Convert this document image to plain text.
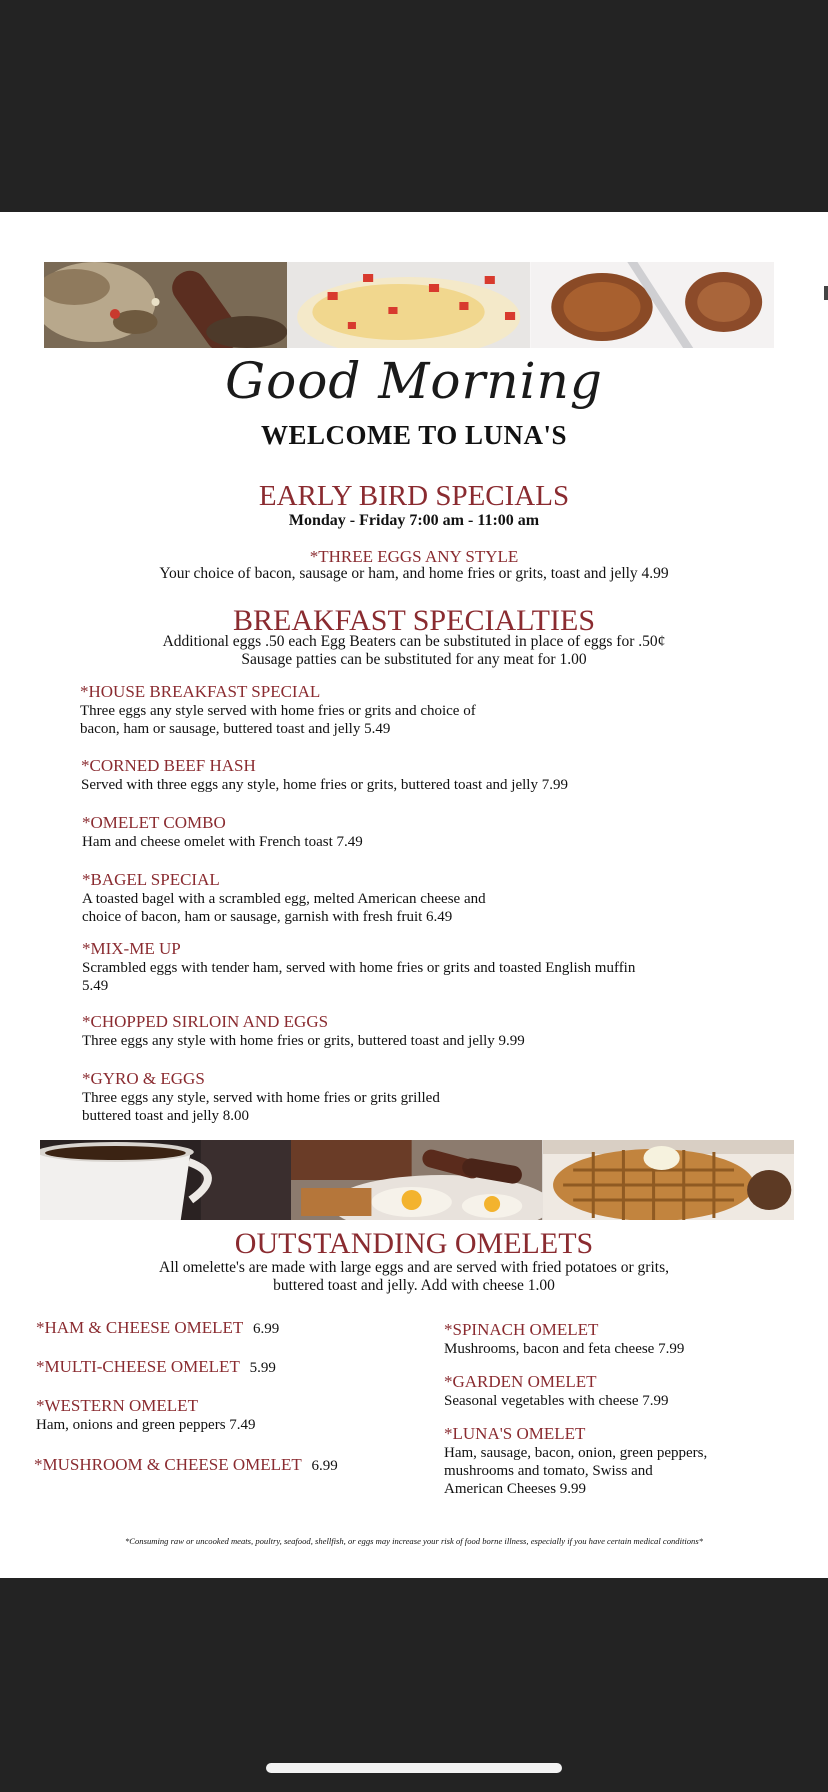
Good Morning
WELCOME TO LUNA'S
EARLY BIRD SPECIALS
Monday - Friday 7:00 am - 11:00 am
*THREE EGGS ANY STYLE
Your choice of bacon, sausage or ham, and home fries or grits, toast and jelly 4.99
BREAKFAST SPECIALTIES
Additional eggs .50 each Egg Beaters can be substituted in place of eggs for .50¢
Sausage patties can be substituted for any meat for 1.00
*HOUSE BREAKFAST SPECIAL
Three eggs any style served with home fries or grits and choice of
bacon, ham or sausage, buttered toast and jelly 5.49
*CORNED BEEF HASH
Served with three eggs any style, home fries or grits, buttered toast and jelly 7.99
*OMELET COMBO
Ham and cheese omelet with French toast 7.49
*BAGEL SPECIAL
A toasted bagel with a scrambled egg, melted American cheese and
choice of bacon, ham or sausage, garnish with fresh fruit 6.49
*MIX-ME UP
Scrambled eggs with tender ham, served with home fries or grits and toasted English muffin
5.49
*CHOPPED SIRLOIN AND EGGS
Three eggs any style with home fries or grits, buttered toast and jelly 9.99
*GYRO & EGGS
Three eggs any style, served with home fries or grits grilled
buttered toast and jelly 8.00
OUTSTANDING OMELETS
All omelette's are made with large eggs and are served with fried potatoes or grits,
buttered toast and jelly. Add with cheese 1.00
*HAM & CHEESE OMELET 6.99
*MULTI-CHEESE OMELET 5.99
*WESTERN OMELET
Ham, onions and green peppers 7.49
*MUSHROOM & CHEESE OMELET 6.99
*SPINACH OMELET
Mushrooms, bacon and feta cheese 7.99
*GARDEN OMELET
Seasonal vegetables with cheese 7.99
*LUNA'S OMELET
Ham, sausage, bacon, onion, green peppers,
mushrooms and tomato, Swiss and
American Cheeses 9.99
*Consuming raw or uncooked meats, poultry, seafood, shellfish, or eggs may increase your risk of food borne illness, especially if you have certain medical conditions*
